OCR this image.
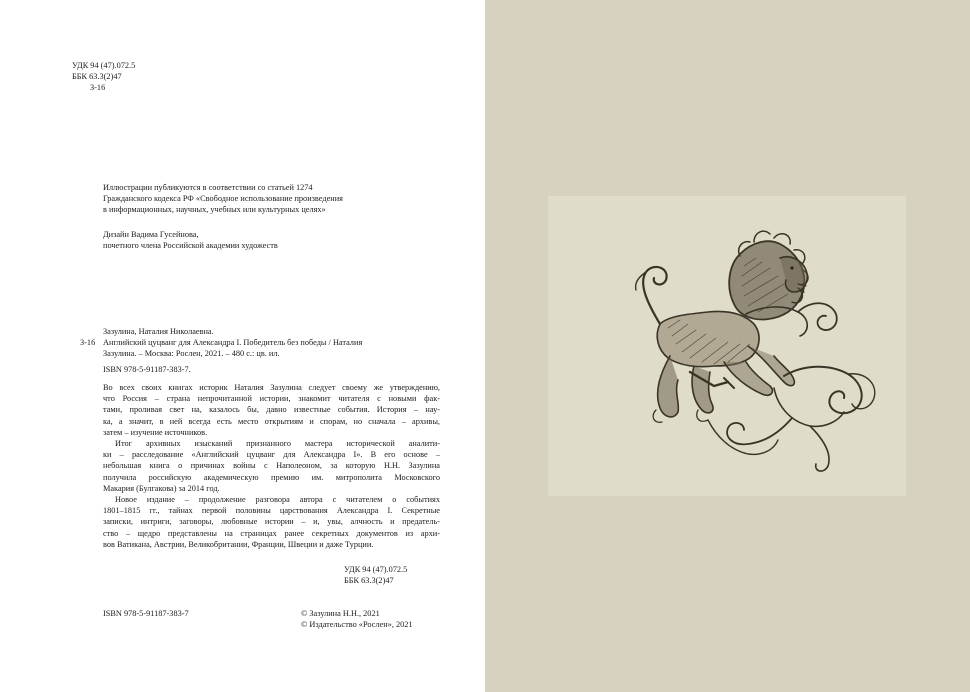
УДК 94 (47).072.5
ББК 63.3(2)47
З-16
Иллюстрации публикуются в соответствии со статьей 1274
Гражданского кодекса РФ «Свободное использование произведения
в информационных, научных, учебных или культурных целях»
Дизайн Вадима Гусейнова,
почетного члена Российской академии художеств
Зазулина, Наталия Николаевна.
З-16 Английский цуцванг для Александра I. Победитель без победы / Наталия
Зазулина. – Москва: Рослен, 2021. – 480 с.: цв. ил.
ISBN 978-5-91187-383-7.
Во всех своих книгах историк Наталия Зазулина следует своему же утверждению,
что Россия – страна непрочитанной истории, знакомит читателя с новыми фак-
тами, проливая свет на, казалось бы, давно известные события. История – нау-
ка, а значит, в ней всегда есть место открытиям и спорам, но сначала – архивы,
затем – изучение источников.
Итог архивных изысканий признанного мастера исторической аналити-
ки – расследование «Английский цуцванг для Александра I». В его основе –
небольшая книга о причинах войны с Наполеоном, за которую Н.Н. Зазулина
получила российскую академическую премию им. митрополита Московского
Макария (Булгакова) за 2014 год.
Новое издание – продолжение разговора автора с читателем о событиях
1801–1815 гг., тайнах первой половины царствования Александра I. Секретные
записки, интриги, заговоры, любовные истории – и, увы, алчность и предатель-
ство – щедро представлены на страницах ранее секретных документов из архи-
вов Ватикана, Австрии, Великобритании, Франции, Швеции и даже Турции.
УДК 94 (47).072.5
ББК 63.3(2)47
ISBN 978-5-91187-383-7	© Зазулина Н.Н., 2021
© Издательство «Рослен», 2021
